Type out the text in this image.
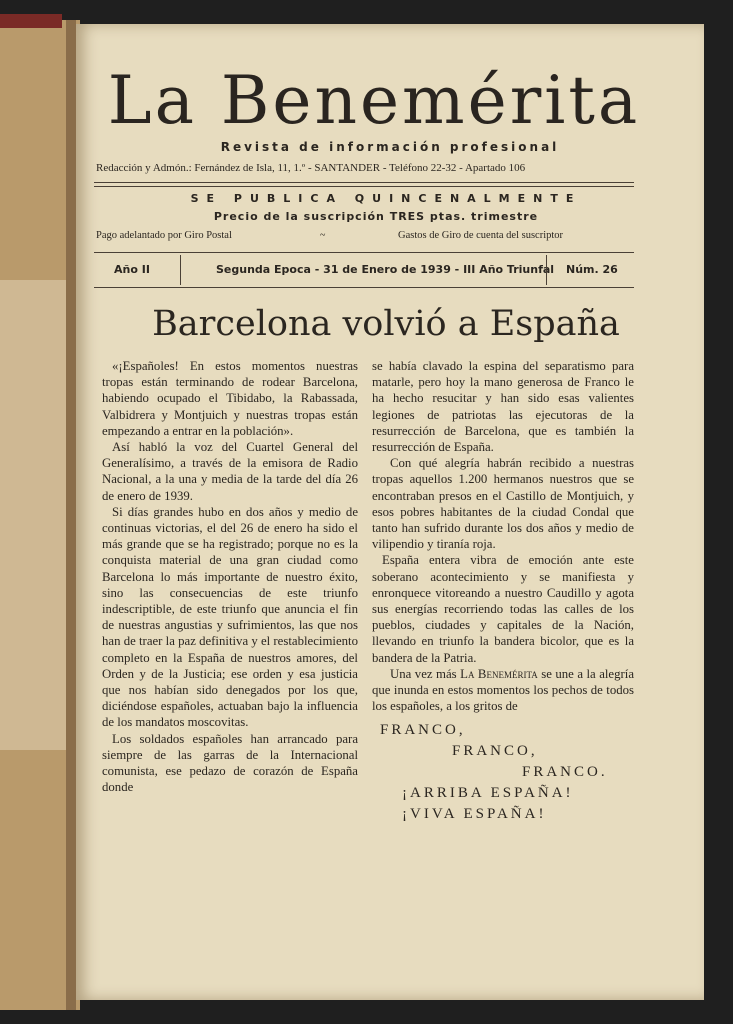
La Benemérita
Revista de información profesional
Redacción y Admón.: Fernández de Isla, 11, 1.º - SANTANDER - Teléfono 22-32 - Apartado 106
SE PUBLICA QUINCENALMENTE
Precio de la suscripción TRES ptas. trimestre
Pago adelantado por Giro Postal	~	Gastos de Giro de cuenta del suscriptor
Año II	Segunda Epoca - 31 de Enero de 1939 - III Año Triunfal Núm. 26
Barcelona volvió a España

«¡Españoles! En estos momentos nuestras tropas están terminando de rodear Barcelona, habiendo ocupado el Tibidabo, la Rabassada, Valbidrera y Montjuich y nuestras tropas están empezando a entrar en la población».

Así habló la voz del Cuartel General del Generalísimo, a través de la emisora de Radio Nacional, a la una y media de la tarde del día 26 de enero de 1939.

Si días grandes hubo en dos años y medio de continuas victorias, el del 26 de enero ha sido el más grande que se ha registrado; porque no es la conquista material de una gran ciudad como Barcelona lo más importante de nuestro éxito, sino las consecuencias de este triunfo indescriptible, de este triunfo que anuncia el fin de nuestras angustias y sufrimientos, las que nos han de traer la paz definitiva y el restablecimiento completo en la España de nuestros amores, del Orden y de la Justicia; ese orden y esa justicia que nos habían sido denegados por los que, diciéndose españoles, actuaban bajo la influencia de los mandatos moscovitas.

Los soldados españoles han arrancado para siempre de las garras de la Internacional comunista, ese pedazo de corazón de España donde

se había clavado la espina del separatismo para matarle, pero hoy la mano generosa de Franco le ha hecho resucitar y han sido esas valientes legiones de patriotas las ejecutoras de la resurrección de Barcelona, que es también la resurrección de España.

Con qué alegría habrán recibido a nuestras tropas aquellos 1.200 hermanos nuestros que se encontraban presos en el Castillo de Montjuich, y esos pobres habitantes de la ciudad Condal que tanto han sufrido durante los dos años y medio de vilipendio y tiranía roja.

España entera vibra de emoción ante este soberano acontecimiento y se manifiesta y enronquece vitoreando a nuestro Caudillo y agota sus energías recorriendo todas las calles de los pueblos, ciudades y capitales de la Nación, llevando en triunfo la bandera bicolor, que es la bandera de la Patria.

Una vez más La Benemérita se une a la alegría que inunda en estos momentos los pechos de todos los españoles, a los gritos de

FRANCO,
FRANCO,
FRANCO.
¡ARRIBA ESPAÑA!
¡VIVA ESPAÑA!
